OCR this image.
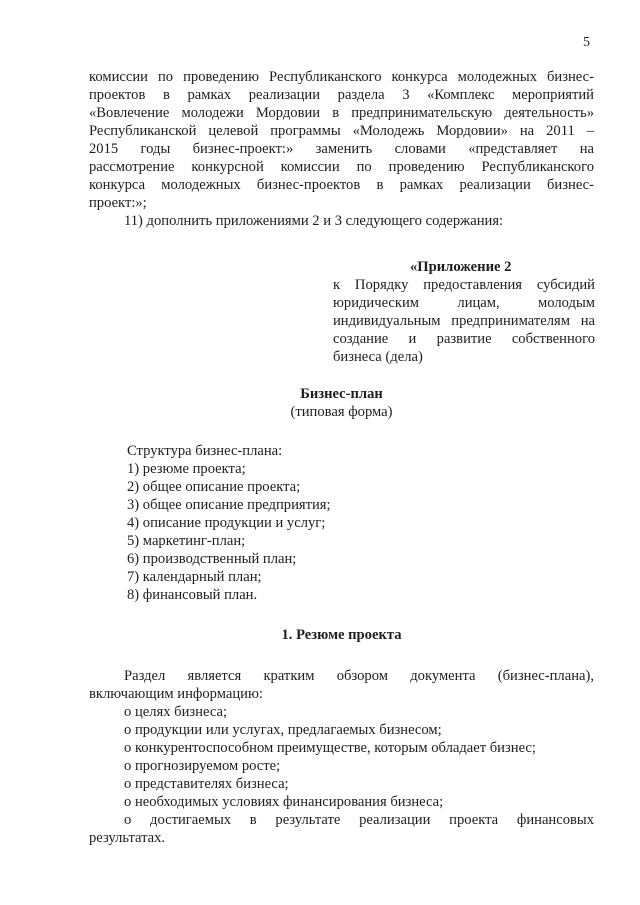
5

комиссии по проведению Республиканского конкурса молодежных бизнес-

проектов в рамках реализации раздела 3 «Комплекс мероприятий

«Вовлечение молодежи Мордовии в предпринимательскую деятельность»

Республиканской целевой программы «Молодежь Мордовии» на 2011 –

2015 годы бизнес-проект:» заменить словами «представляет на

рассмотрение конкурсной комиссии по проведению Республиканского

конкурса молодежных бизнес-проектов в рамках реализации бизнес-

проект:»;

11) дополнить приложениями 2 и 3 следующего содержания:

«Приложение 2

к Порядку предоставления субсидий

юридическим лицам, молодым

индивидуальным предпринимателям на

создание и развитие собственного

бизнеса (дела)

Бизнес-план

(типовая форма)

Структура бизнес-плана:

1) резюме проекта;

2) общее описание проекта;

3) общее описание предприятия;

4) описание продукции и услуг;

5) маркетинг-план;

6) производственный план;

7) календарный план;

8) финансовый план.

1. Резюме проекта

Раздел является кратким обзором документа (бизнес-плана),

включающим информацию:

о целях бизнеса;

о продукции или услугах, предлагаемых бизнесом;

о конкурентоспособном преимуществе, которым обладает бизнес;

о прогнозируемом росте;

о представителях бизнеса;

о необходимых условиях финансирования бизнеса;

о достигаемых в результате реализации проекта финансовых

результатах.
